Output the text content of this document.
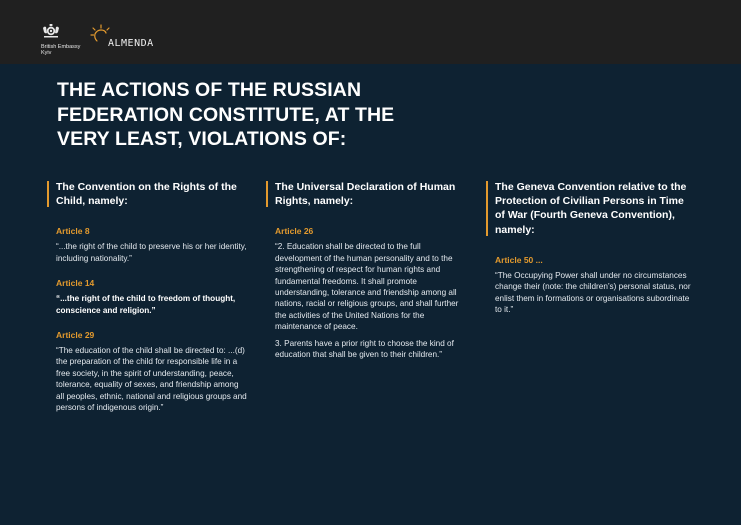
British Embassy
Kyiv
ALMENDA
THE ACTIONS OF THE RUSSIAN FEDERATION CONSTITUTE, AT THE VERY LEAST, VIOLATIONS OF:
The Convention on the Rights of the Child, namely:
Article 8
“...the right of the child to preserve his or her identity, including nationality.”
Article 14
“...the right of the child to freedom of thought, conscience and religion.”
Article 29
“The education of the child shall be directed to: ...(d) the preparation of the child for responsible life in a free society, in the spirit of understanding, peace, tolerance, equality of sexes, and friendship among all peoples, ethnic, national and religious groups and persons of indigenous origin.”
The Universal Declaration of Human Rights, namely:
Article 26
“2. Education shall be directed to the full development of the human personality and to the strengthening of respect for human rights and fundamental freedoms. It shall promote understanding, tolerance and friendship among all nations, racial or religious groups, and shall further the activities of the United Nations for the maintenance of peace.
3. Parents have a prior right to choose the kind of education that shall be given to their children.”
The Geneva Convention relative to the Protection of Civilian Persons in Time of War (Fourth Geneva Convention), namely:
Article 50 ...
“The Occupying Power shall under no circumstances change their (note: the children’s) personal status, nor enlist them in formations or organisations subordinate to it.”
